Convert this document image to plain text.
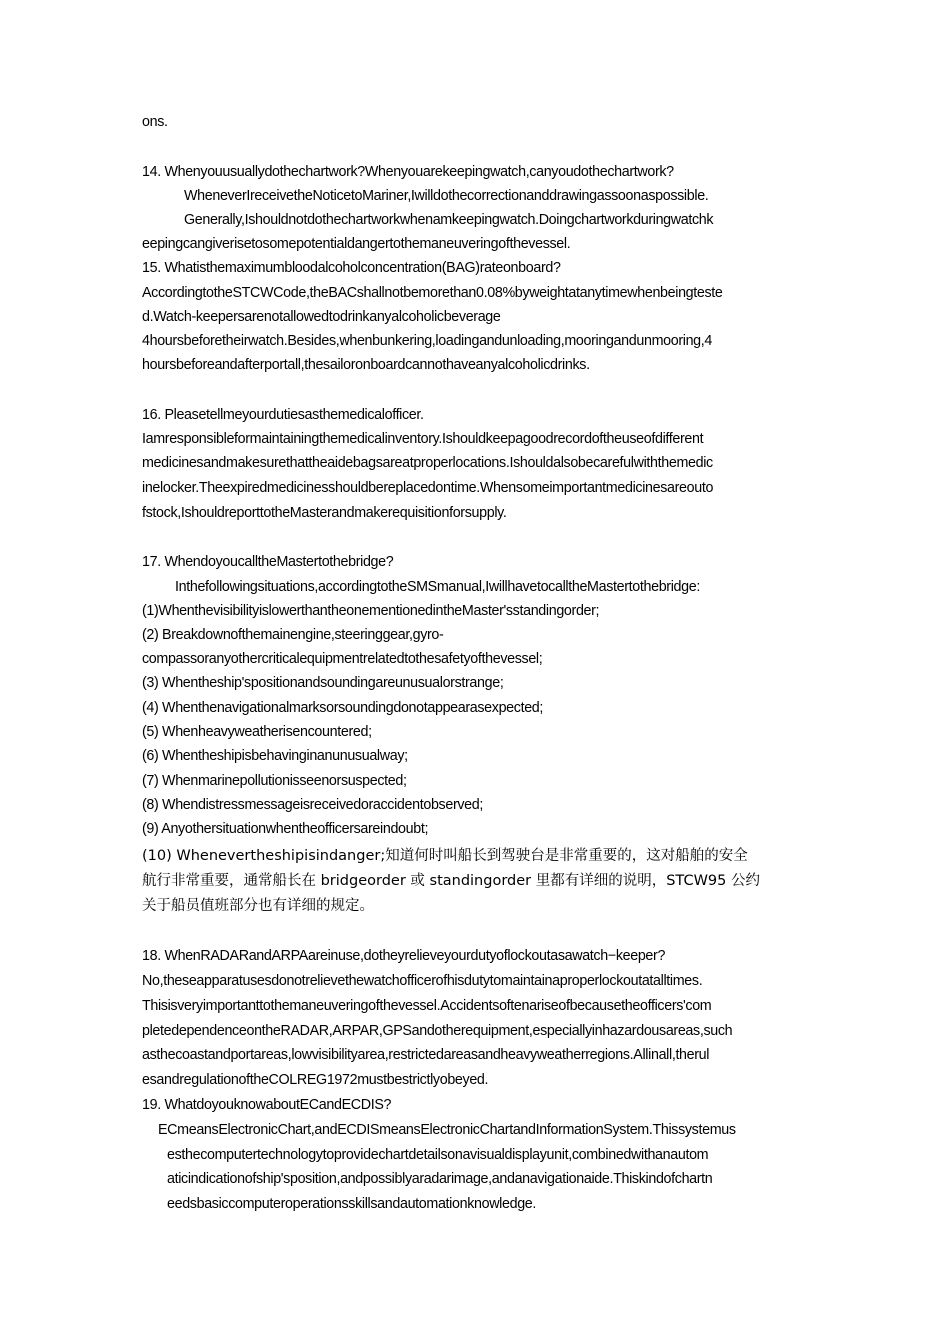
ons.
14. Whenyouusuallydothechartwork?Whenyouarekeepingwatch,canyoudothechartwork?
WheneverIreceivetheNoticetoMariner,Iwilldothecorrectionanddrawingassoonaspossible.
Generally,Ishouldnotdothechartworkwhenamkeepingwatch.Doingchartworkduringwatchk
eepingcangiverisetosomepotentialdangertothemaneuveringofthevessel.
15. Whatisthemaximumbloodalcoholconcentration(BAG)rateonboard?
AccordingtotheSTCWCode,theBACshallnotbemorethan0.08%byweightatanytimewhenbeingteste
d.Watch-keepersarenotallowedtodrinkanyalcoholicbeverage
4hoursbeforetheirwatch.Besides,whenbunkering,loadingandunloading,mooringandunmooring,4
hoursbeforeandafterportall,thesailoronboardcannothaveanyalcoholicdrinks.
16. Pleasetellmeyourdutiesasthemedicalofficer.
Iamresponsibleformaintainingthemedicalinventory.Ishouldkeepagoodrecordoftheuseofdifferent
medicinesandmakesurethattheaidebagsareatproperlocations.Ishouldalsobecarefulwiththemedic
inelocker.Theexpiredmedicinesshouldbereplacedontime.Whensomeimportantmedicinesareouto
fstock,IshouldreporttotheMasterandmakerequisitionforsupply.
17. WhendoyoucalltheMastertothebridge?
Inthefollowingsituations,accordingtotheSMSmanual,IwillhavetocalltheMastertothebridge:
(1)WhenthevisibilityislowerthantheonementionedintheMaster'sstandingorder;
(2) Breakdownofthemainengine,steeringgear,gyro-
compassoranyothercriticalequipmentrelatedtothesafetyofthevessel;
(3) Whentheship'spositionandsoundingareunusualorstrange;
(4) Whenthenavigationalmarksorsoundingdonotappearasexpected;
(5) Whenheavyweatherisencountered;
(6) Whentheshipisbehavinginanunusualway;
(7) Whenmarinepollutionisseenorsuspected;
(8) Whendistressmessageisreceivedoraccidentobserved;
(9) Anyothersituationwhentheofficersareindoubt;
(10) Whenevertheshipisindanger;知道何时叫船长到驾驶台是非常重要的，这对船舶的安全
航行非常重要，通常船长在 bridgeorder 或 standingorder 里都有详细的说明，STCW95 公约
关于船员值班部分也有详细的规定。
18. WhenRADARandARPAareinuse,dotheyrelieveyourdutyoflockoutasawatch−keeper?
No,theseapparatusesdonotrelievethewatchofficerofhisdutytomaintainaproperlockoutatalltimes.
Thisisveryimportanttothemaneuveringofthevessel.Accidentsoftenariseofbecausetheofficers'com
pletedependenceontheRADAR,ARPAR,GPSandotherequipment,especiallyinhazardousareas,such
asthecoastandportareas,lowvisibilityarea,restrictedareasandheavyweatherregions.Allinall,therul
esandregulationoftheCOLREG1972mustbestrictlyobeyed.
19. WhatdoyouknowaboutECandECDIS?
ECmeansElectronicChart,andECDISmeansElectronicChartandInformationSystem.Thissystemus
esthecomputertechnologytoprovidechartdetailsonavisualdisplayunit,combinedwithanautom
aticindicationofship'sposition,andpossiblyaradarimage,andanavigationaide.Thiskindofchartn
eedsbasiccomputeroperationsskillsandautomationknowledge.
